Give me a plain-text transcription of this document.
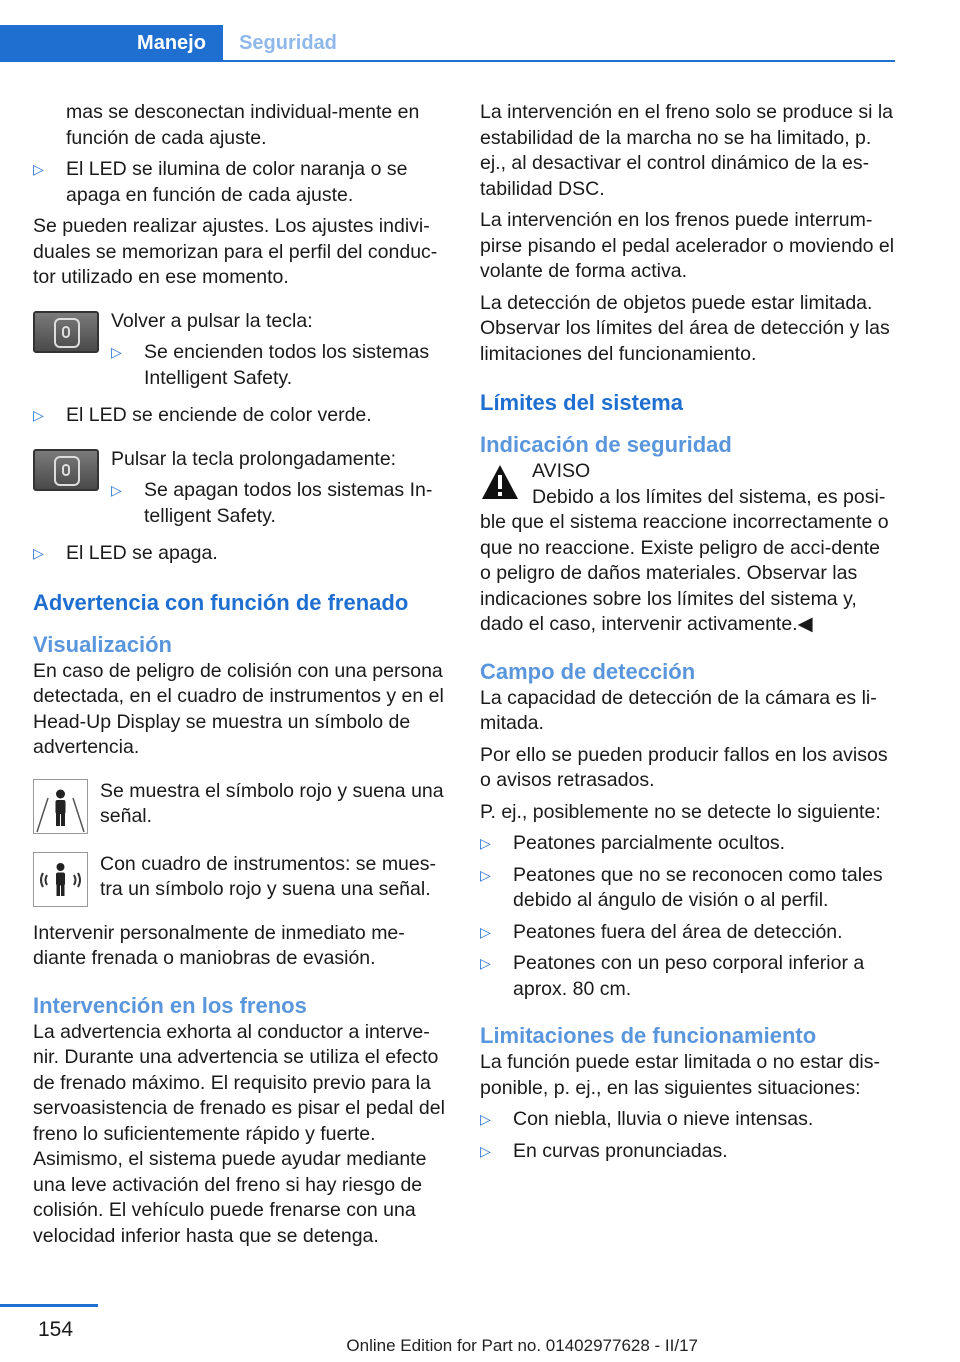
Manejo	Seguridad

mas se desconectan individual-mente en función de cada ajuste.

▷	El LED se ilumina de color naranja o se apaga en función de cada ajuste.

Se pueden realizar ajustes. Los ajustes indivi-duales se memorizan para el perfil del conduc-tor utilizado en ese momento.

Volver a pulsar la tecla:

▷	Se encienden todos los sistemas Intelligent Safety.
▷	El LED se enciende de color verde.

Pulsar la tecla prolongadamente:

▷	Se apagan todos los sistemas In-telligent Safety.
▷	El LED se apaga.
Advertencia con función de frenado
Visualización

En caso de peligro de colisión con una persona detectada, en el cuadro de instrumentos y en el Head-Up Display se muestra un símbolo de advertencia.

Se muestra el símbolo rojo y suena una señal.
Con cuadro de instrumentos: se mues-tra un símbolo rojo y suena una señal.

Intervenir personalmente de inmediato me-diante frenada o maniobras de evasión.

Intervención en los frenos

La advertencia exhorta al conductor a interve-nir. Durante una advertencia se utiliza el efecto de frenado máximo. El requisito previo para la servoasistencia de frenado es pisar el pedal del freno lo suficientemente rápido y fuerte. Asimismo, el sistema puede ayudar mediante una leve activación del freno si hay riesgo de colisión. El vehículo puede frenarse con una velocidad inferior hasta que se detenga.

La intervención en el freno solo se produce si la estabilidad de la marcha no se ha limitado, p. ej., al desactivar el control dinámico de la es-tabilidad DSC.

La intervención en los frenos puede interrum-pirse pisando el pedal acelerador o moviendo el volante de forma activa.

La detección de objetos puede estar limitada. Observar los límites del área de detección y las limitaciones del funcionamiento.

Límites del sistema
Indicación de seguridad

AVISO

Debido a los límites del sistema, es posi-

ble que el sistema reaccione incorrectamente o que no reaccione. Existe peligro de acci-dente o peligro de daños materiales. Observar las indicaciones sobre los límites del sistema y, dado el caso, intervenir activamente.◀

Campo de detección

La capacidad de detección de la cámara es li-mitada.

Por ello se pueden producir fallos en los avisos o avisos retrasados.

P. ej., posiblemente no se detecte lo siguiente:

▷	Peatones parcialmente ocultos.
▷	Peatones que no se reconocen como tales debido al ángulo de visión o al perfil.
▷	Peatones fuera del área de detección.
▷	Peatones con un peso corporal inferior a aprox. 80 cm.
Limitaciones de funcionamiento

La función puede estar limitada o no estar dis-ponible, p. ej., en las siguientes situaciones:

▷	Con niebla, lluvia o nieve intensas.
▷	En curvas pronunciadas.
154
Online Edition for Part no. 01402977628 - II/17
